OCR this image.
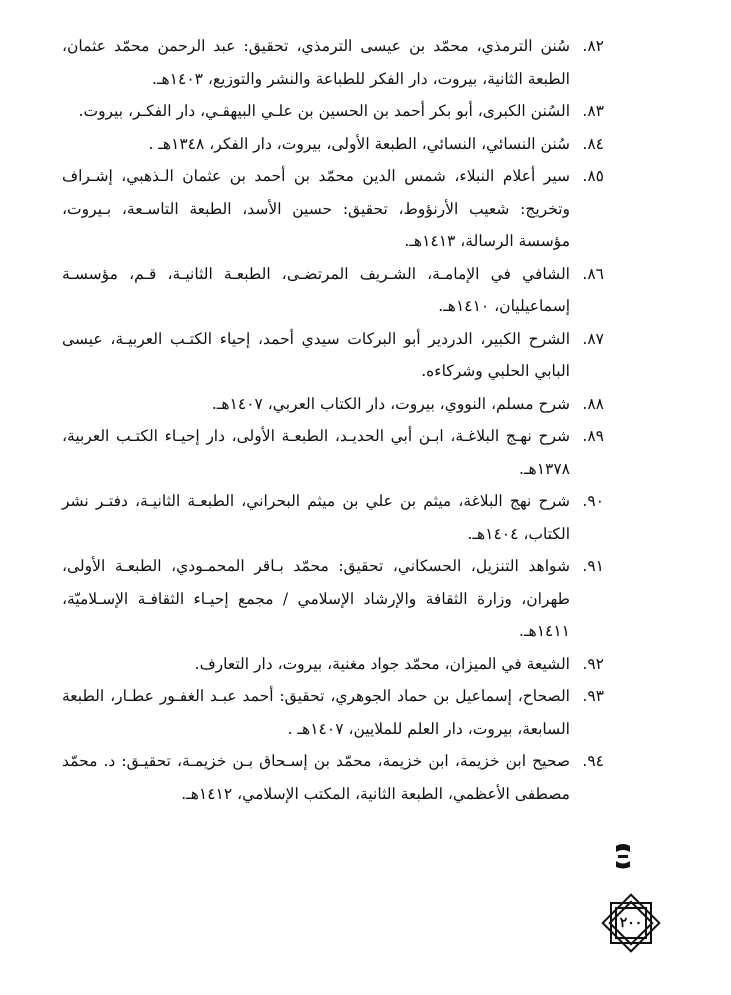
٨٢.
سُنن الترمذي، محمّد بن عيسى الترمذي، تحقيق: عبد الرحمن محمّد عثمان، الطبعة الثانية، بيروت، دار الفكر للطباعة والنشر والتوزيع، ١٤٠٣هـ.
٨٣.
السُنن الكبرى، أبو بكر أحمد بن الحسين بن علـي البيهقـي، دار الفكـر، بيروت.
٨٤.
سُنن النسائي، النسائي، الطبعة الأولى، بيروت، دار الفكر، ١٣٤٨هـ .
٨٥.
سير أعلام النبلاء، شمس الدين محمّد بن أحمد بن عثمان الـذهبي، إشـراف وتخريج: شعيب الأرنؤوط، تحقيق: حسين الأسد، الطبعة التاسـعة، بـيروت، مؤسسة الرسالة، ١٤١٣هـ.
٨٦.
الشافي في الإمامـة، الشـريف المرتضـى، الطبعـة الثانيـة، قـم، مؤسسـة إسماعيليان، ١٤١٠هـ.
٨٧.
الشرح الكبير، الدردير أبو البركات سيدي أحمد، إحياء الكتـب العربيـة، عيسى البابي الحلبي وشركاءه.
٨٨.
شرح مسلم، النووي، بيروت، دار الكتاب العربي، ١٤٠٧هـ.
٨٩.
شرح نهـج البلاغـة، ابـن أبي الحديـد، الطبعـة الأولى، دار إحيـاء الكتـب العربية، ١٣٧٨هـ.
٩٠.
شرح نهج البلاغة، ميثم بن علي بن ميثم البحراني، الطبعـة الثانيـة، دفتـر نشر الكتاب، ١٤٠٤هـ.
٩١.
شواهد التنزيل، الحسكاني، تحقيق: محمّد بـاقر المحمـودي، الطبعـة الأولى، طهران، وزارة الثقافة والإرشاد الإسلامي / مجمع إحيـاء الثقافـة الإسـلاميّة، ١٤١١هـ.
٩٢.
الشيعة في الميزان، محمّد جواد مغنية، بيروت، دار التعارف.
٩٣.
الصحاح، إسماعيل بن حماد الجوهري، تحقيق: أحمد عبـد الغفـور عطـار، الطبعة السابعة، بيروت، دار العلم للملايين، ١٤٠٧هـ .
٩٤.
صحيح ابن خزيمة، ابن خزيمة، محمّد بن إسـحاق بـن خزيمـة، تحقيـق: د. محمّد مصطفى الأعظمي، الطبعة الثانية، المكتب الإسلامي، ١٤١٢هـ.
٢٠٠
